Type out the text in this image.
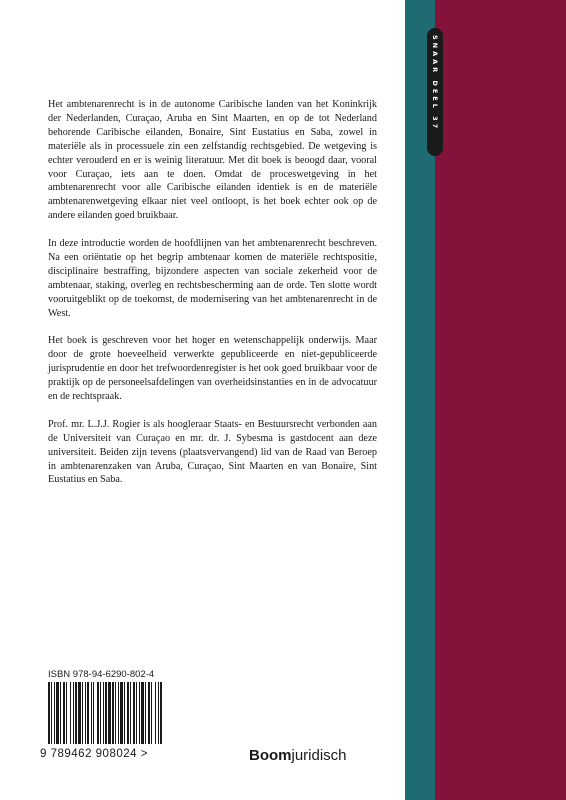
SNAAR DEEL 37

Het ambtenarenrecht is in de autonome Caribische landen van het Koninkrijk der Nederlanden, Curaçao, Aruba en Sint Maarten, en op de tot Nederland behorende Caribische eilanden, Bonaire, Sint Eustatius en Saba, zowel in materiële als in processuele zin een zelfstandig rechtsgebied. De wetgeving is echter verouderd en er is weinig literatuur. Met dit boek is beoogd daar, vooral voor Curaçao, iets aan te doen. Omdat de proceswetgeving in het ambtenarenrecht voor alle Caribische eilanden identiek is en de materiële ambtenarenwetgeving elkaar niet veel ontloopt, is het boek echter ook op de andere eilanden goed bruikbaar.

In deze introductie worden de hoofdlijnen van het ambtenarenrecht beschreven. Na een oriëntatie op het begrip ambtenaar komen de materiële rechtspositie, disciplinaire bestraffing, bijzondere aspecten van sociale zekerheid voor de ambtenaar, staking, overleg en rechtsbescherming aan de orde. Ten slotte wordt vooruitgeblikt op de toekomst, de modernisering van het ambtenarenrecht in de West.

Het boek is geschreven voor het hoger en wetenschappelijk onderwijs. Maar door de grote hoeveelheid verwerkte gepubliceerde en niet-gepubliceerde jurisprudentie en door het trefwoordenregister is het ook goed bruikbaar voor de praktijk op de personeelsafdelingen van overheidsinstanties en in de advocatuur en de rechtspraak.

Prof. mr. L.J.J. Rogier is als hoogleraar Staats- en Bestuursrecht verbonden aan de Universiteit van Curaçao en mr. dr. J. Sybesma is gastdocent aan deze universiteit. Beiden zijn tevens (plaatsvervangend) lid van de Raad van Beroep in ambtenarenzaken van Aruba, Curaçao, Sint Maarten en van Bonaire, Sint Eustatius en Saba.

ISBN 978-94-6290-802-4
9 789462 908024 >	Boomjuridisch
